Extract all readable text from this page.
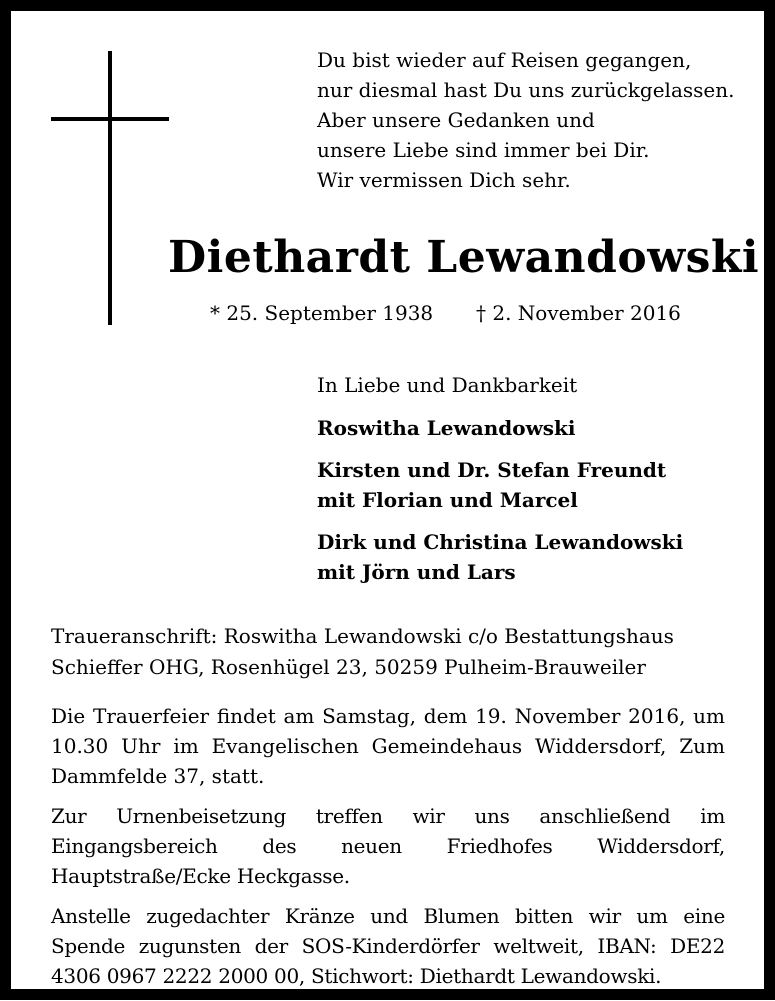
Du bist wieder auf Reisen gegangen,
nur diesmal hast Du uns zurückgelassen.
Aber unsere Gedanken und
unsere Liebe sind immer bei Dir.
Wir vermissen Dich sehr.
Diethardt Lewandowski
* 25. September 1938 † 2. November 2016
In Liebe und Dankbarkeit
Roswitha Lewandowski
Kirsten und Dr. Stefan Freundt
mit Florian und Marcel
Dirk und Christina Lewandowski
mit Jörn und Lars
Traueranschrift: Roswitha Lewandowski c/o Bestattungshaus
Schieffer OHG, Rosenhügel 23, 50259 Pulheim-Brauweiler

Die Trauerfeier findet am Samstag, dem 19. November 2016, um 10.30 Uhr im Evangelischen Gemeindehaus Widdersdorf, Zum Dammfelde 37, statt.

Zur Urnenbeisetzung treffen wir uns anschließend im Eingangsbereich des neuen Friedhofes Widdersdorf, Hauptstraße/Ecke Heckgasse.

Anstelle zugedachter Kränze und Blumen bitten wir um eine Spende zugunsten der SOS-Kinderdörfer weltweit, IBAN: DE22 4306 0967 2222 2000 00, Stichwort: Diethardt Lewandowski.
